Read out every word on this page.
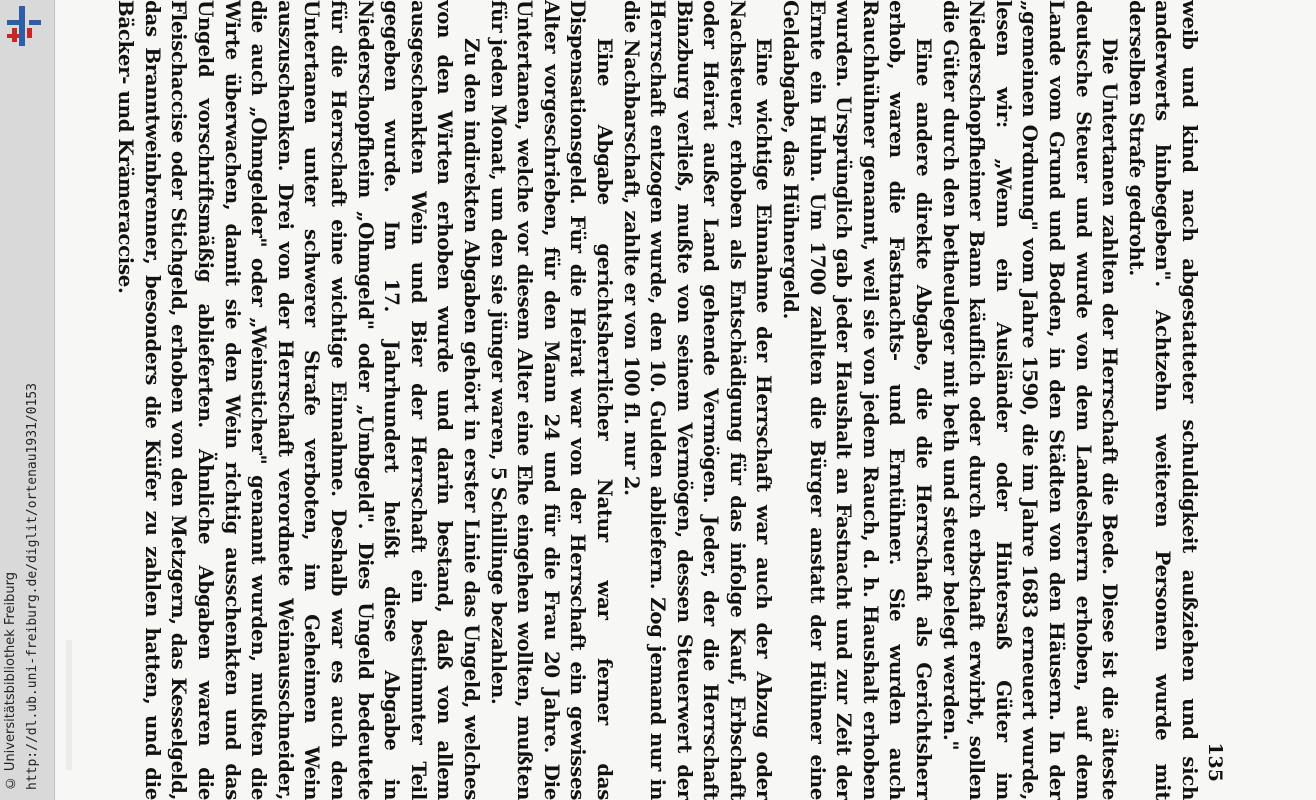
http://dl.ub.uni-freiburg.de/diglit/ortenau1931/0153
© Universitätsbibliothek Freiburg	135

weib und kind nach abgestatteter schuldigkeit außziehen und sich anderwerts hinbegeben". Achtzehn weiteren Personen wurde mit derselben Strafe gedroht.

Die Untertanen zahlten der Herrschaft die Bede. Diese ist die älteste deutsche Steuer und wurde von dem Landesherrn erhoben, auf dem Lande vom Grund und Boden, in den Städten von den Häusern. In der „gemeinen Ordnung" vom Jahre 1590, die im Jahre 1683 erneuert wurde, lesen wir: „Wenn ein Ausländer oder Hintersaß Güter im Niederschopfheimer Bann käuflich oder durch erbschaft erwirbt, sollen die Güter durch den betheuleger mit beth und steuer belegt werden."

Eine andere direkte Abgabe, die die Herrschaft als Gerichtsherr erhob, waren die Fastnachts- und Erntühner. Sie wurden auch Rauchhühner genannt, weil sie von jedem Rauch, d. h. Haushalt erhoben wurden. Ursprünglich gab jeder Haushalt an Fastnacht und zur Zeit der Ernte ein Huhn. Um 1700 zahlten die Bürger anstatt der Hühner eine Geldabgabe, das Hühnergeld.

Eine wichtige Einnahme der Herrschaft war auch der Abzug oder Nachsteuer, erhoben als Entschädigung für das infolge Kauf, Erbschaft oder Heirat außer Land gehende Vermögen. Jeder, der die Herrschaft Binzburg verließ, mußte von seinem Vermögen, dessen Steuerwert der Herrschaft entzogen wurde, den 10. Gulden abliefern. Zog jemand nur in die Nachbarschaft, zahlte er von 100 fl. nur 2.

Eine Abgabe gerichtsherrlicher Natur war ferner das Dispensationsgeld. Für die Heirat war von der Herrschaft ein gewisses Alter vorgeschrieben, für den Mann 24 und für die Frau 20 Jahre. Die Untertanen, welche vor diesem Alter eine Ehe eingehen wollten, mußten für jeden Monat, um den sie jünger waren, 5 Schillinge bezahlen.

Zu den indirekten Abgaben gehört in erster Linie das Ungeld, welches von den Wirten erhoben wurde und darin bestand, daß von allem ausgeschenkten Wein und Bier der Herrschaft ein bestimmter Teil gegeben wurde. Im 17. Jahrhundert heißt diese Abgabe in Niederschopfheim „Ohmgeld" oder „Umbgeld". Dies Ungeld bedeutete für die Herrschaft eine wichtige Einnahme. Deshalb war es auch den Untertanen unter schwerer Strafe verboten, im Geheimen Wein auszuschenken. Drei von der Herrschaft verordnete Weinausschneider, die auch „Ohmgelder" oder „Weinsticher" genannt wurden, mußten die Wirte überwachen, damit sie den Wein richtig ausschenkten und das Ungeld vorschriftsmäßig ablieferten. Ähnliche Abgaben waren die Fleischaccise oder Stichgeld, erhoben von den Metzgern, das Kesselgeld, das Branntweinbrenner, besonders die Küfer zu zahlen hatten, und die Bäcker- und Krämeraccise.
